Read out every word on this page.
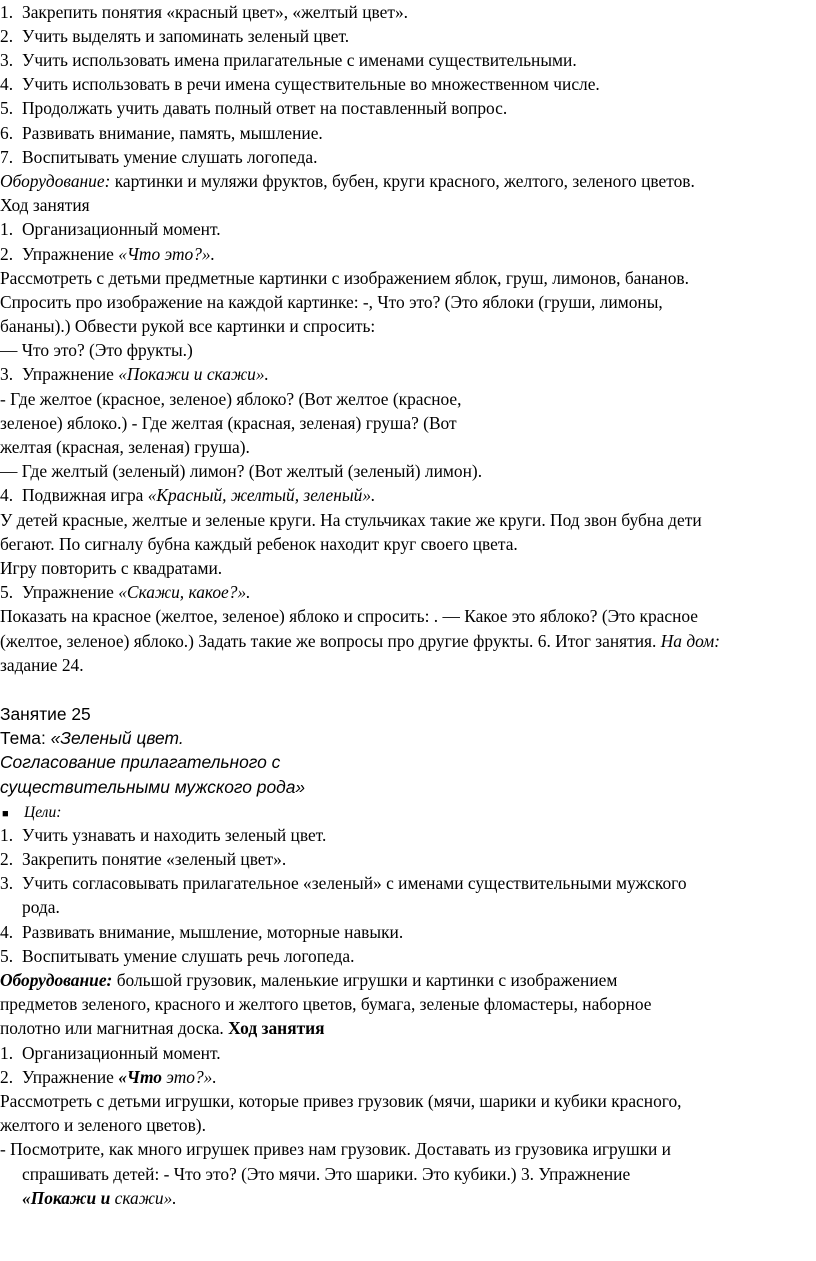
1. Закрепить понятия «красный цвет», «желтый цвет».
2. Учить выделять и запоминать зеленый цвет.
3. Учить использовать имена прилагательные с именами существительными.
4. Учить использовать в речи имена существительные во множественном числе.
5. Продолжать учить давать полный ответ на поставленный вопрос.
6. Развивать внимание, память, мышление.
7. Воспитывать умение слушать логопеда.
Оборудование: картинки и муляжи фруктов, бубен, круги красного, желтого, зеленого цветов.
Ход занятия
1. Организационный момент.
2. Упражнение «Что это?».
Рассмотреть с детьми предметные картинки с изображением яблок, груш, лимонов, бананов.
Спросить про изображение на каждой картинке: -, Что это? (Это яблоки (груши, лимоны,
бананы).) Обвести рукой все картинки и спросить:
— Что это? (Это фрукты.)
3. Упражнение «Покажи и скажи».
- Где желтое (красное, зеленое) яблоко? (Вот желтое (красное,
зеленое) яблоко.) - Где желтая (красная, зеленая) груша? (Вот
желтая (красная, зеленая) груша).
— Где желтый (зеленый) лимон? (Вот желтый (зеленый) лимон).
4. Подвижная игра «Красный, желтый, зеленый».
У детей красные, желтые и зеленые круги. На стульчиках такие же круги. Под звон бубна дети
бегают. По сигналу бубна каждый ребенок находит круг своего цвета.
Игру повторить с квадратами.
5. Упражнение «Скажи, какое?».
Показать на красное (желтое, зеленое) яблоко и спросить: . — Какое это яблоко? (Это красное
(желтое, зеленое) яблоко.) Задать такие же вопросы про другие фрукты. 6. Итог занятия. На дом:
задание 24.
Занятие 25
Тема: «Зеленый цвет.
Согласование прилагательного с
существительными мужского рода»
■ Цели:
1. Учить узнавать и находить зеленый цвет.
2. Закрепить понятие «зеленый цвет».
3. Учить согласовывать прилагательное «зеленый» с именами существительными мужского
рода.
4. Развивать внимание, мышление, моторные навыки.
5. Воспитывать умение слушать речь логопеда.
Оборудование: большой грузовик, маленькие игрушки и картинки с изображением
предметов зеленого, красного и желтого цветов, бумага, зеленые фломастеры, наборное
полотно или магнитная доска. Ход занятия
1. Организационный момент.
2. Упражнение «Что это?».
Рассмотреть с детьми игрушки, которые привез грузовик (мячи, шарики и кубики красного,
желтого и зеленого цветов).
- Посмотрите, как много игрушек привез нам грузовик. Доставать из грузовика игрушки и
спрашивать детей: - Что это? (Это мячи. Это шарики. Это кубики.) 3. Упражнение
«Покажи и скажи».
